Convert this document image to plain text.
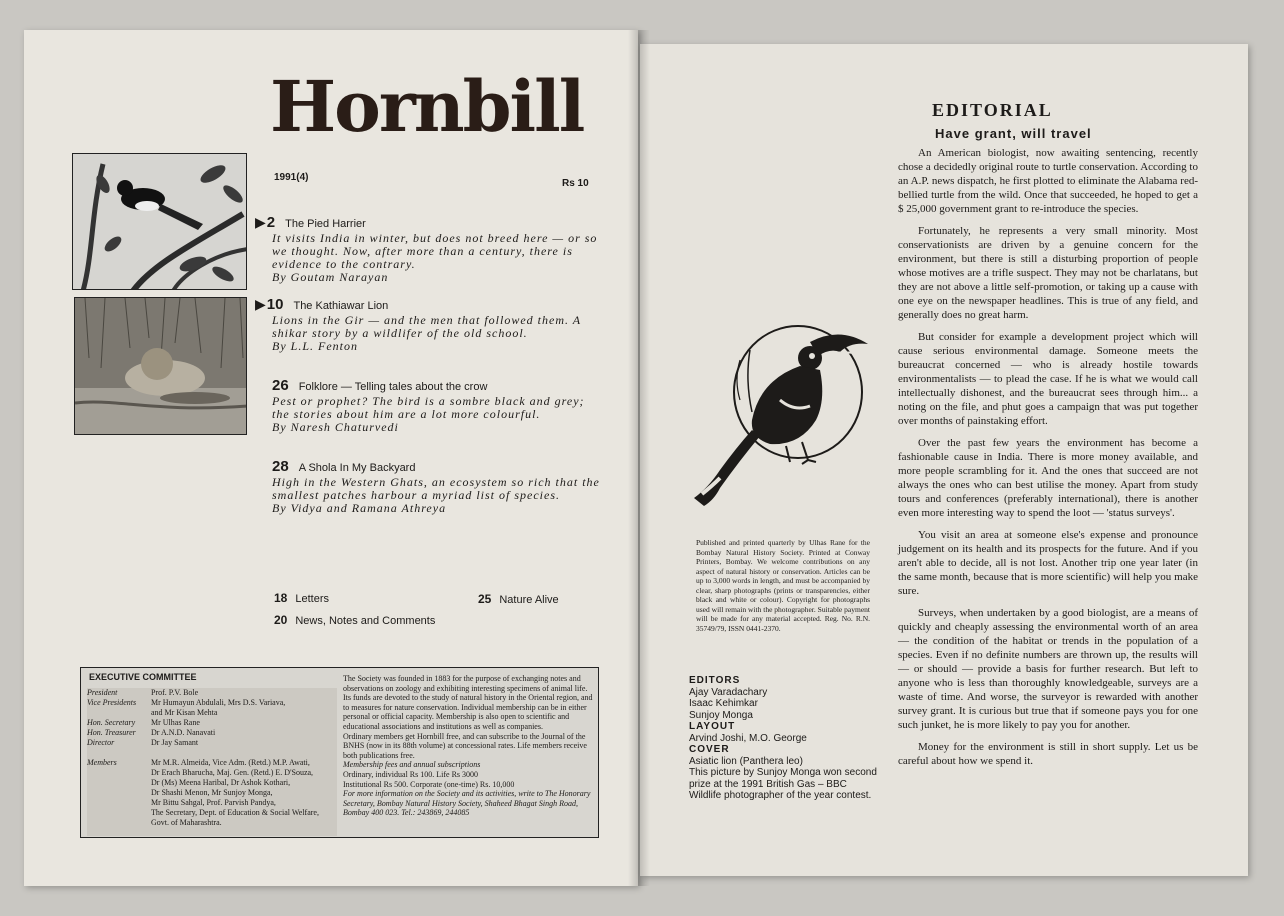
Hornbill
1991(4)
Rs 10
▶ 2 The Pied Harrier
It visits India in winter, but does not breed here — or so we thought. Now, after more than a century, there is evidence to the contrary.
By Goutam Narayan
▶ 10 The Kathiawar Lion
Lions in the Gir — and the men that followed them. A shikar story by a wildlifer of the old school.
By L.L. Fenton
26 Folklore — Telling tales about the crow
Pest or prophet? The bird is a sombre black and grey; the stories about him are a lot more colourful.
By Naresh Chaturvedi
28 A Shola In My Backyard
High in the Western Ghats, an ecosystem so rich that the smallest patches harbour a myriad list of species.
By Vidya and Ramana Athreya
18 Letters
20 News, Notes and Comments
25 Nature Alive
EXECUTIVE COMMITTEE
President	Prof. P.V. Bole
Vice Presidents	Mr Humayun Abdulali, Mrs D.S. Variava,
and Mr Kisan Mehta
Hon. Secretary	Mr Ulhas Rane
Hon. Treasurer	Dr A.N.D. Nanavati
Director	Dr Jay Samant
Members	Mr M.R. Almeida, Vice Adm. (Retd.) M.P. Awati,
Dr Erach Bharucha, Maj. Gen. (Retd.) E. D'Souza,
Dr (Ms) Meena Haribal, Dr Ashok Kothari,
Dr Shashi Menon, Mr Sunjoy Monga,
Mr Bittu Sahgal, Prof. Parvish Pandya,
The Secretary, Dept. of Education & Social Welfare,
Govt. of Maharashtra.
The Society was founded in 1883 for the purpose of exchanging notes and observations on zoology and exhibiting interesting specimens of animal life. Its funds are devoted to the study of natural history in the Oriental region, and to measures for nature conservation. Individual membership can be in either personal or official capacity. Membership is also open to scientific and educational associations and institutions as well as companies.
Ordinary members get Hornbill free, and can subscribe to the Journal of the BNHS (now in its 88th volume) at concessional rates. Life members receive both publications free.
Membership fees and annual subscriptions
Ordinary, individual Rs 100. Life Rs 3000
Institutional Rs 500. Corporate (one-time) Rs. 10,000
For more information on the Society and its activities, write to The Honorary Secretary, Bombay Natural History Society, Shaheed Bhagat Singh Road, Bombay 400 023. Tel.: 243869, 244085
EDITORIAL
Have grant, will travel

An American biologist, now awaiting sentencing, recently chose a decidedly original route to turtle conservation. According to an A.P. news dispatch, he first plotted to eliminate the Alabama red-bellied turtle from the wild. Once that succeeded, he hoped to get a $ 25,000 government grant to re-introduce the species.

Fortunately, he represents a very small minority. Most conservationists are driven by a genuine concern for the environment, but there is still a disturbing proportion of people whose motives are a trifle suspect. They may not be charlatans, but they are not above a little self-promotion, or taking up a cause with one eye on the newspaper headlines. This is true of any field, and generally does no great harm.

But consider for example a development project which will cause serious environmental damage. Someone meets the bureaucrat concerned — who is already hostile towards environmentalists — to plead the case. If he is what we would call intellectually dishonest, and the bureaucrat sees through him... a noting on the file, and phut goes a campaign that was put together over months of painstaking effort.

Over the past few years the environment has become a fashionable cause in India. There is more money available, and more people scrambling for it. And the ones that succeed are not always the ones who can best utilise the money. Apart from study tours and conferences (preferably international), there is another even more interesting way to spend the loot — 'status surveys'.

You visit an area at someone else's expense and pronounce judgement on its health and its prospects for the future. And if you aren't able to decide, all is not lost. Another trip one year later (in the same month, because that is more scientific) will help you make sure.

Surveys, when undertaken by a good biologist, are a means of quickly and cheaply assessing the environmental worth of an area — the condition of the habitat or trends in the population of a species. Even if no definite numbers are thrown up, the results will — or should — provide a basis for further research. But left to anyone who is less than thoroughly knowledgeable, surveys are a waste of time. And worse, the surveyor is rewarded with another survey grant. It is curious but true that if someone pays you for one such junket, he is more likely to pay you for another.

Money for the environment is still in short supply. Let us be careful about how we spend it.

Published and printed quarterly by Ulhas Rane for the Bombay Natural History Society. Printed at Conway Printers, Bombay. We welcome contributions on any aspect of natural history or conservation. Articles can be up to 3,000 words in length, and must be accompanied by clear, sharp photographs (prints or transparencies, either black and white or colour). Copyright for photographs used will remain with the photographer. Suitable payment will be made for any material accepted. Reg. No. R.N. 35749/79, ISSN 0441-2370.
EDITORS
Ajay Varadachary
Isaac Kehimkar
Sunjoy Monga
LAYOUT
Arvind Joshi, M.O. George
COVER
Asiatic lion (Panthera leo)
This picture by Sunjoy Monga won second prize at the 1991 British Gas – BBC Wildlife photographer of the year contest.
